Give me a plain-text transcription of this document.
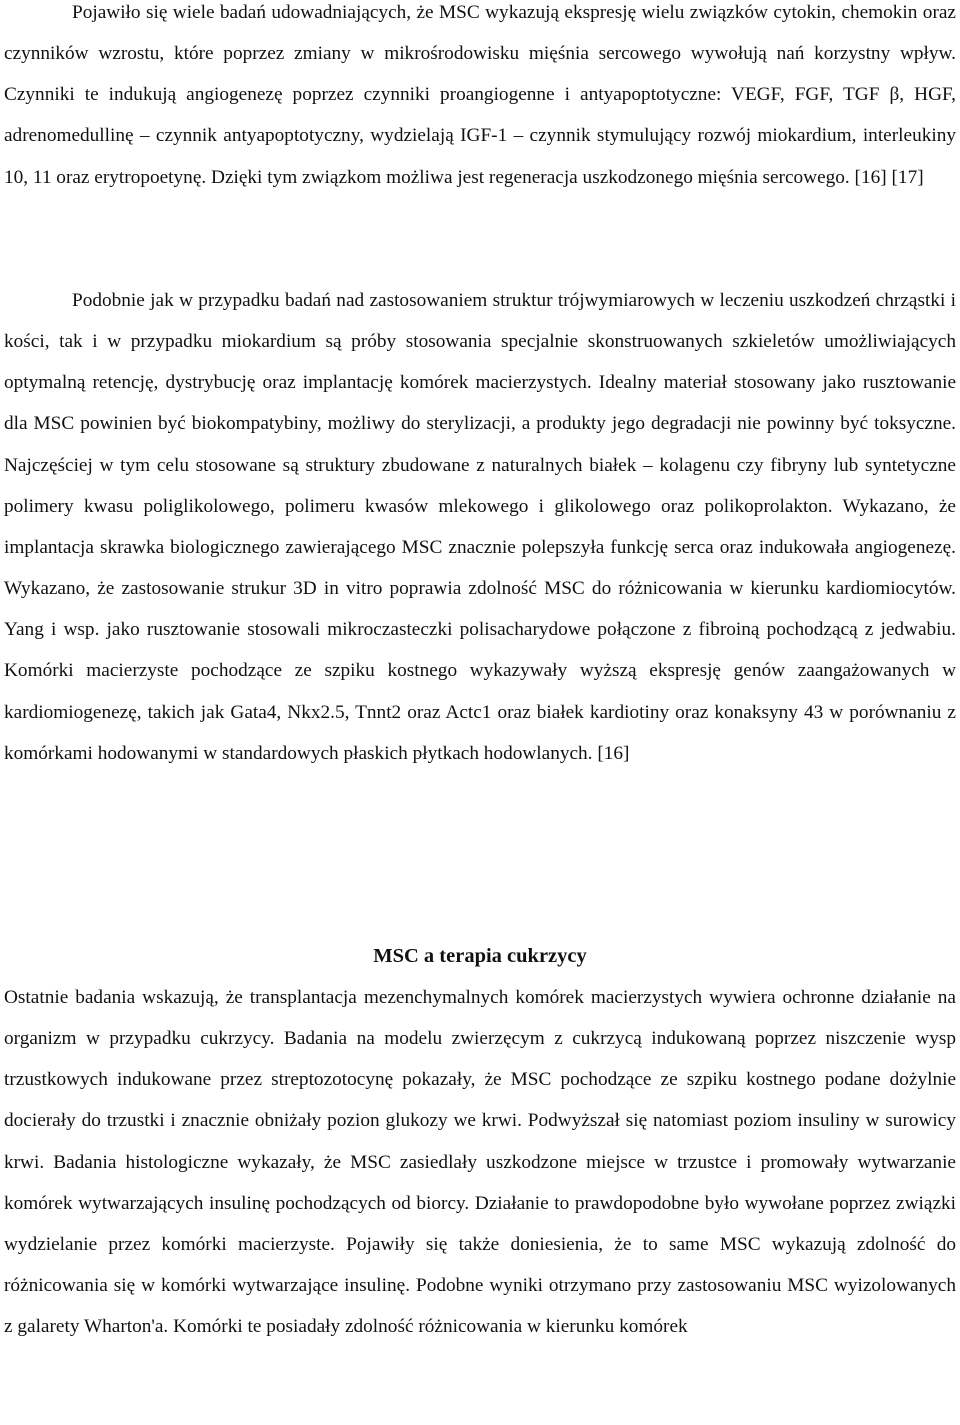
Pojawiło się wiele badań udowadniających, że MSC wykazują ekspresję wielu związków cytokin, chemokin oraz czynników wzrostu, które poprzez zmiany w mikrośrodowisku mięśnia sercowego wywołują nań korzystny wpływ. Czynniki te indukują angiogenezę poprzez czynniki proangiogenne i antyapoptotyczne: VEGF, FGF, TGF β, HGF, adrenomedullinę – czynnik antyapoptotyczny, wydzielają IGF-1 – czynnik stymulujący rozwój miokardium, interleukiny 10, 11 oraz erytropoetynę. Dzięki tym związkom możliwa jest regeneracja uszkodzonego mięśnia sercowego. [16] [17]

Podobnie jak w przypadku badań nad zastosowaniem struktur trójwymiarowych w leczeniu uszkodzeń chrząstki i kości, tak i w przypadku miokardium są próby stosowania specjalnie skonstruowanych szkieletów umożliwiających optymalną retencję, dystrybucję oraz implantację komórek macierzystych. Idealny materiał stosowany jako rusztowanie dla MSC powinien być biokompatybiny, możliwy do sterylizacji, a produkty jego degradacji nie powinny być toksyczne. Najczęściej w tym celu stosowane są struktury zbudowane z naturalnych białek – kolagenu czy fibryny lub syntetyczne polimery kwasu poliglikolowego, polimeru kwasów mlekowego i glikolowego oraz polikoprolakton. Wykazano, że implantacja skrawka biologicznego zawierającego MSC znacznie polepszyła funkcję serca oraz indukowała angiogenezę. Wykazano, że zastosowanie strukur 3D in vitro poprawia zdolność MSC do różnicowania w kierunku kardiomiocytów. Yang i wsp. jako rusztowanie stosowali mikroczasteczki polisacharydowe połączone z fibroiną pochodzącą z jedwabiu. Komórki macierzyste pochodzące ze szpiku kostnego wykazywały wyższą ekspresję genów zaangażowanych w kardiomiogenezę, takich jak Gata4, Nkx2.5, Tnnt2 oraz Actc1 oraz białek kardiotiny oraz konaksyny 43 w porównaniu z komórkami hodowanymi w standardowych płaskich płytkach hodowlanych. [16]

MSC a terapia cukrzycy

Ostatnie badania wskazują, że transplantacja mezenchymalnych komórek macierzystych wywiera ochronne działanie na organizm w przypadku cukrzycy. Badania na modelu zwierzęcym z cukrzycą indukowaną poprzez niszczenie wysp trzustkowych indukowane przez streptozotocynę pokazały, że MSC pochodzące ze szpiku kostnego podane dożylnie docierały do trzustki i znacznie obniżały pozion glukozy we krwi. Podwyższał się natomiast poziom insuliny w surowicy krwi. Badania histologiczne wykazały, że MSC zasiedlały uszkodzone miejsce w trzustce i promowały wytwarzanie komórek wytwarzających insulinę pochodzących od biorcy. Działanie to prawdopodobne było wywołane poprzez związki wydzielanie przez komórki macierzyste. Pojawiły się także doniesienia, że to same MSC wykazują zdolność do różnicowania się w komórki wytwarzające insulinę. Podobne wyniki otrzymano przy zastosowaniu MSC wyizolowanych z galarety Wharton'a. Komórki te posiadały zdolność różnicowania w kierunku komórek
